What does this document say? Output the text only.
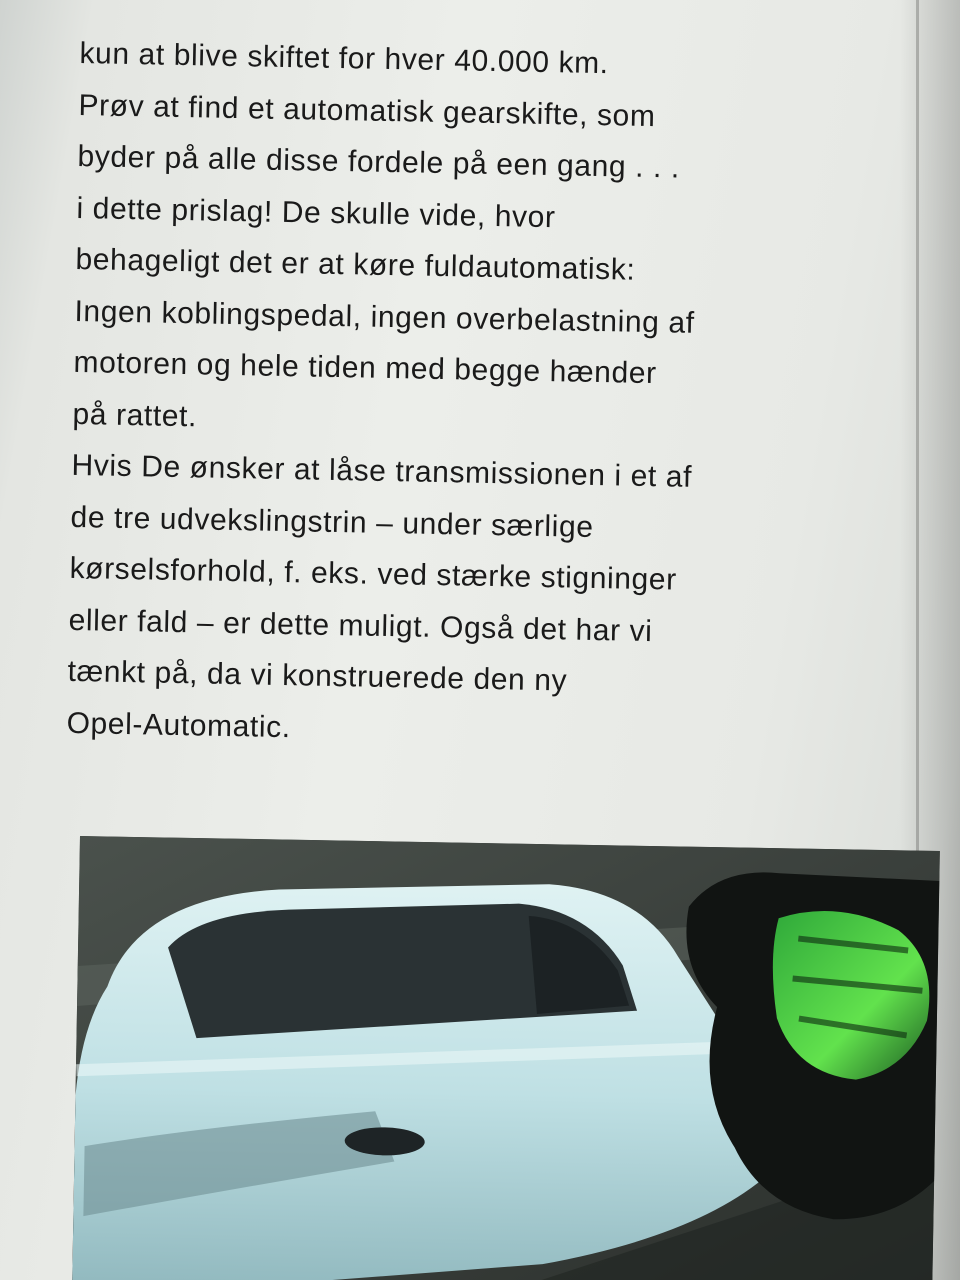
kun at blive skiftet for hver 40.000 km.
Prøv at find et automatisk gearskifte, som
byder på alle disse fordele på een gang . . .
i dette prislag! De skulle vide, hvor
behageligt det er at køre fuldautomatisk:
Ingen koblingspedal, ingen overbelastning af
motoren og hele tiden med begge hænder
på rattet.
Hvis De ønsker at låse transmissionen i et af
de tre udvekslingstrin – under særlige
kørselsforhold, f. eks. ved stærke stigninger
eller fald – er dette muligt. Også det har vi
tænkt på, da vi konstruerede den ny
Opel-Automatic.
